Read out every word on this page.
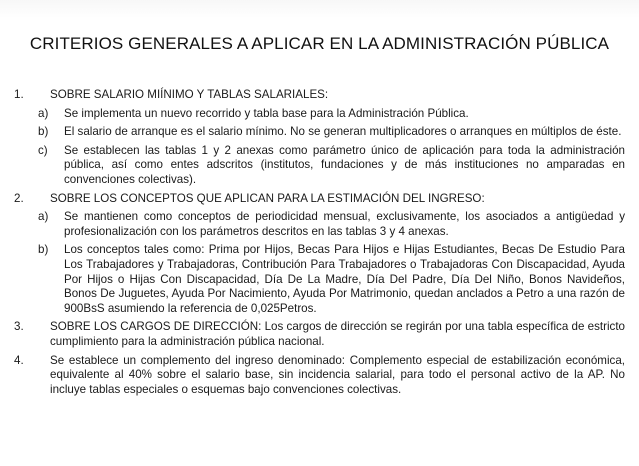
CRITERIOS GENERALES A APLICAR EN LA ADMINISTRACIÓN PÚBLICA
1.	SOBRE SALARIO MIÍNIMO Y TABLAS SALARIALES:
a)	Se implementa un nuevo recorrido y tabla base para la Administración Pública.
b)	El salario de arranque es el salario mínimo. No se generan multiplicadores o arranques en múltiplos de éste.
c)	Se establecen las tablas 1 y 2 anexas como parámetro único de aplicación para toda la administración pública, así como entes adscritos (institutos, fundaciones y de más instituciones no amparadas en convenciones colectivas).
2.	SOBRE LOS CONCEPTOS QUE APLICAN PARA LA ESTIMACIÓN DEL INGRESO:
a)	Se mantienen como conceptos de periodicidad mensual, exclusivamente, los asociados a antigüedad y profesionalización con los parámetros descritos en las tablas 3 y 4 anexas.
b)	Los conceptos tales como: Prima por Hijos, Becas Para Hijos e Hijas Estudiantes, Becas De Estudio Para Los Trabajadores y Trabajadoras, Contribución Para Trabajadores o Trabajadoras Con Discapacidad, Ayuda Por Hijos o Hijas Con Discapacidad, Día De La Madre, Día Del Padre, Día Del Niño, Bonos Navideños, Bonos De Juguetes, Ayuda Por Nacimiento, Ayuda Por Matrimonio, quedan anclados a Petro a una razón de 900BsS asumiendo la referencia de 0,025Petros.
3.	SOBRE LOS CARGOS DE DIRECCIÓN: Los cargos de dirección se regirán por una tabla específica de estricto cumplimiento para la administración pública nacional.
4.	Se establece un complemento del ingreso denominado: Complemento especial de estabilización económica, equivalente al 40% sobre el salario base, sin incidencia salarial, para todo el personal activo de la AP. No incluye tablas especiales o esquemas bajo convenciones colectivas.
